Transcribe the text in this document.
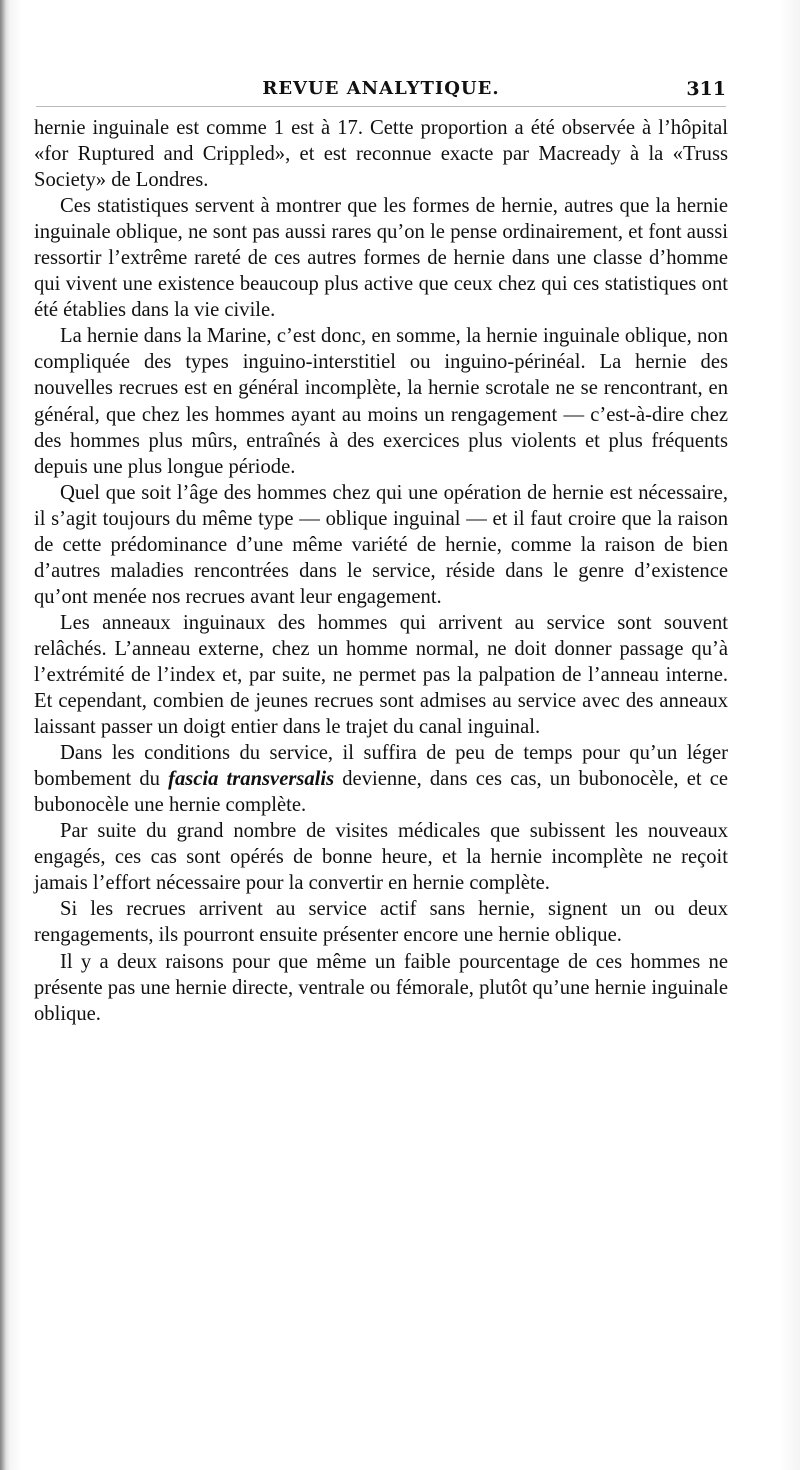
REVUE ANALYTIQUE.	311

hernie inguinale est comme 1 est à 17. Cette proportion a été observée à l’hôpital «for Ruptured and Crippled», et est reconnue exacte par Macready à la «Truss Society» de Londres.

Ces statistiques servent à montrer que les formes de hernie, autres que la hernie inguinale oblique, ne sont pas aussi rares qu’on le pense ordinairement, et font aussi ressortir l’extrême rareté de ces autres formes de hernie dans une classe d’homme qui vivent une existence beaucoup plus active que ceux chez qui ces statistiques ont été établies dans la vie civile.

La hernie dans la Marine, c’est donc, en somme, la hernie inguinale oblique, non compliquée des types inguino-interstitiel ou inguino-périnéal. La hernie des nouvelles recrues est en général incomplète, la hernie scrotale ne se rencontrant, en général, que chez les hommes ayant au moins un rengagement — c’est-à-dire chez des hommes plus mûrs, entraînés à des exercices plus violents et plus fréquents depuis une plus longue période.

Quel que soit l’âge des hommes chez qui une opération de hernie est nécessaire, il s’agit toujours du même type — oblique inguinal — et il faut croire que la raison de cette prédominance d’une même variété de hernie, comme la raison de bien d’autres maladies rencontrées dans le service, réside dans le genre d’existence qu’ont menée nos recrues avant leur engagement.

Les anneaux inguinaux des hommes qui arrivent au service sont souvent relâchés. L’anneau externe, chez un homme normal, ne doit donner passage qu’à l’extrémité de l’index et, par suite, ne permet pas la palpation de l’anneau interne. Et cependant, combien de jeunes recrues sont admises au service avec des anneaux laissant passer un doigt entier dans le trajet du canal inguinal.

Dans les conditions du service, il suffira de peu de temps pour qu’un léger bombement du fascia transversalis devienne, dans ces cas, un bubonocèle, et ce bubonocèle une hernie complète.

Par suite du grand nombre de visites médicales que subissent les nouveaux engagés, ces cas sont opérés de bonne heure, et la hernie incomplète ne reçoit jamais l’effort nécessaire pour la convertir en hernie complète.

Si les recrues arrivent au service actif sans hernie, signent un ou deux rengagements, ils pourront ensuite présenter encore une hernie oblique.

Il y a deux raisons pour que même un faible pourcentage de ces hommes ne présente pas une hernie directe, ventrale ou fémorale, plutôt qu’une hernie inguinale oblique.
